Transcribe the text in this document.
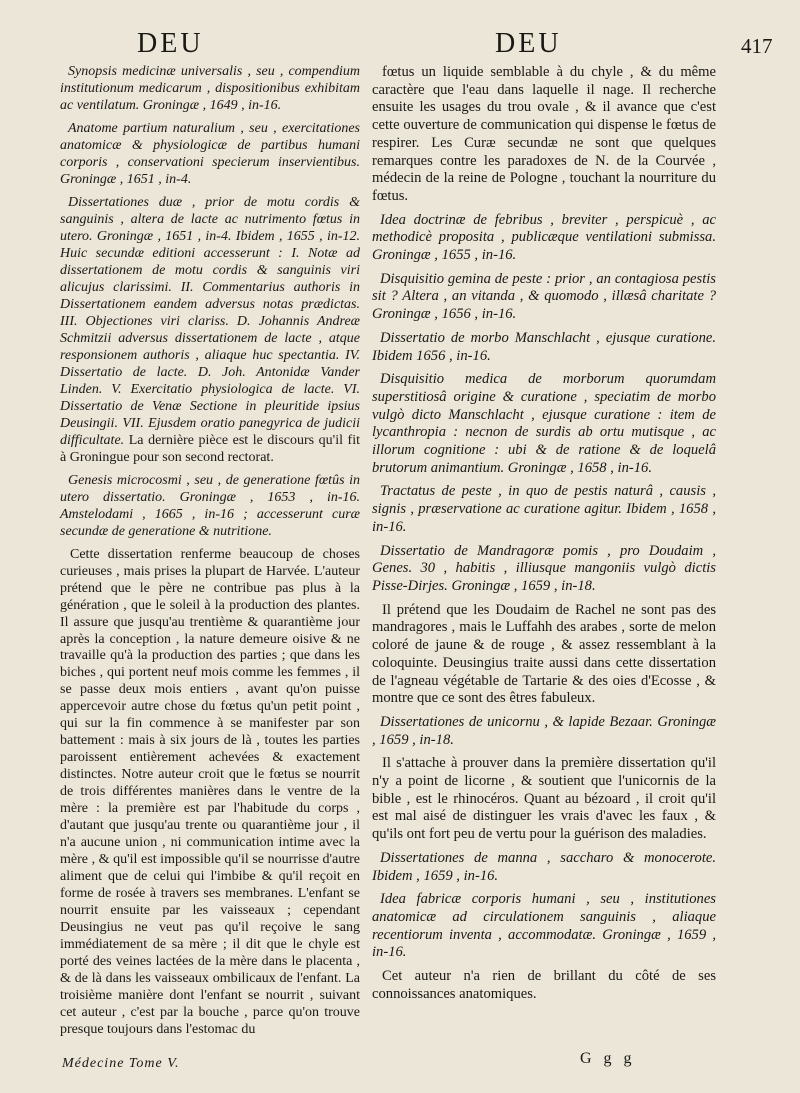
DEU	DEU	417

Synopsis medicinæ universalis , seu , compendium institutionum medicarum , dispositionibus exhibitam ac ventilatum. Groningæ , 1649 , in-16.

Anatome partium naturalium , seu , exercitationes anatomicæ & physiologicæ de partibus humani corporis , conservationi specierum inservientibus. Groningæ , 1651 , in-4.

Dissertationes duæ , prior de motu cordis & sanguinis , altera de lacte ac nutrimento fœtus in utero. Groningæ , 1651 , in-4. Ibidem , 1655 , in-12. Huic secundæ editioni accesserunt : I. Notæ ad dissertationem de motu cordis & sanguinis viri alicujus clarissimi. II. Commentarius authoris in Dissertationem eandem adversus notas prædictas. III. Objectiones viri clariss. D. Johannis Andreæ Schmitzii adversus dissertationem de lacte , atque responsionem authoris , aliaque huc spectantia. IV. Dissertatio de lacte. D. Joh. Antonidæ Vander Linden. V. Exercitatio physiologica de lacte. VI. Dissertatio de Venæ Sectione in pleuritide ipsius Deusingii. VII. Ejusdem oratio panegyrica de judicii difficultate. La dernière pièce est le discours qu'il fit à Groningue pour son second rectorat.

Genesis microcosmi , seu , de generatione fœtûs in utero dissertatio. Groningæ , 1653 , in-16. Amstelodami , 1665 , in-16 ; accesserunt curæ secundæ de generatione & nutritione.

Cette dissertation renferme beaucoup de choses curieuses , mais prises la plupart de Harvée. L'auteur prétend que le père ne contribue pas plus à la génération , que le soleil à la production des plantes. Il assure que jusqu'au trentième & quarantième jour après la conception , la nature demeure oisive & ne travaille qu'à la production des parties ; que dans les biches , qui portent neuf mois comme les femmes , il se passe deux mois entiers , avant qu'on puisse appercevoir autre chose du fœtus qu'un petit point , qui sur la fin commence à se manifester par son battement : mais à six jours de là , toutes les parties paroissent entièrement achevées & exactement distinctes. Notre auteur croit que le fœtus se nourrit de trois différentes manières dans le ventre de la mère : la première est par l'habitude du corps , d'autant que jusqu'au trente ou quarantième jour , il n'a aucune union , ni communication intime avec la mère , & qu'il est impossible qu'il se nourrisse d'autre aliment que de celui qui l'imbibe & qu'il reçoit en forme de rosée à travers ses membranes. L'enfant se nourrit ensuite par les vaisseaux ; cependant Deusingius ne veut pas qu'il reçoive le sang immédiatement de sa mère ; il dit que le chyle est porté des veines lactées de la mère dans le placenta , & de là dans les vaisseaux ombilicaux de l'enfant. La troisième manière dont l'enfant se nourrit , suivant cet auteur , c'est par la bouche , parce qu'on trouve presque toujours dans l'estomac du

fœtus un liquide semblable à du chyle , & du même caractère que l'eau dans laquelle il nage. Il recherche ensuite les usages du trou ovale , & il avance que c'est cette ouverture de communication qui dispense le fœtus de respirer. Les Curæ secundæ ne sont que quelques remarques contre les paradoxes de N. de la Courvée , médecin de la reine de Pologne , touchant la nourriture du fœtus.

Idea doctrinæ de febribus , breviter , perspicuè , ac methodicè proposita , publicæque ventilationi submissa. Groningæ , 1655 , in-16.

Disquisitio gemina de peste : prior , an contagiosa pestis sit ? Altera , an vitanda , & quomodo , illæsâ charitate ? Groningæ , 1656 , in-16.

Dissertatio de morbo Manschlacht , ejusque curatione. Ibidem 1656 , in-16.

Disquisitio medica de morborum quorumdam superstitiosâ origine & curatione , speciatim de morbo vulgò dicto Manschlacht , ejusque curatione : item de lycanthropia : necnon de surdis ab ortu mutisque , ac illorum cognitione : ubi & de ratione & de loquelâ brutorum animantium. Groningæ , 1658 , in-16.

Tractatus de peste , in quo de pestis naturâ , causis , signis , præservatione ac curatione agitur. Ibidem , 1658 , in-16.

Dissertatio de Mandragoræ pomis , pro Doudaim , Genes. 30 , habitis , illiusque mangoniis vulgò dictis Pisse-Dirjes. Groningæ , 1659 , in-18.

Il prétend que les Doudaim de Rachel ne sont pas des mandragores , mais le Luffahh des arabes , sorte de melon coloré de jaune & de rouge , & assez ressemblant à la coloquinte. Deusingius traite aussi dans cette dissertation de l'agneau végétable de Tartarie & des oies d'Ecosse , & montre que ce sont des êtres fabuleux.

Dissertationes de unicornu , & lapide Bezaar. Groningæ , 1659 , in-18.

Il s'attache à prouver dans la première dissertation qu'il n'y a point de licorne , & soutient que l'unicornis de la bible , est le rhinocéros. Quant au bézoard , il croit qu'il est mal aisé de distinguer les vrais d'avec les faux , & qu'ils ont fort peu de vertu pour la guérison des maladies.

Dissertationes de manna , saccharo & monocerote. Ibidem , 1659 , in-16.

Idea fabricæ corporis humani , seu , institutiones anatomicæ ad circulationem sanguinis , aliaque recentiorum inventa , accommodatæ. Groningæ , 1659 , in-16.

Cet auteur n'a rien de brillant du côté de ses connoissances anatomiques.

Médecine Tome V.	G g g
